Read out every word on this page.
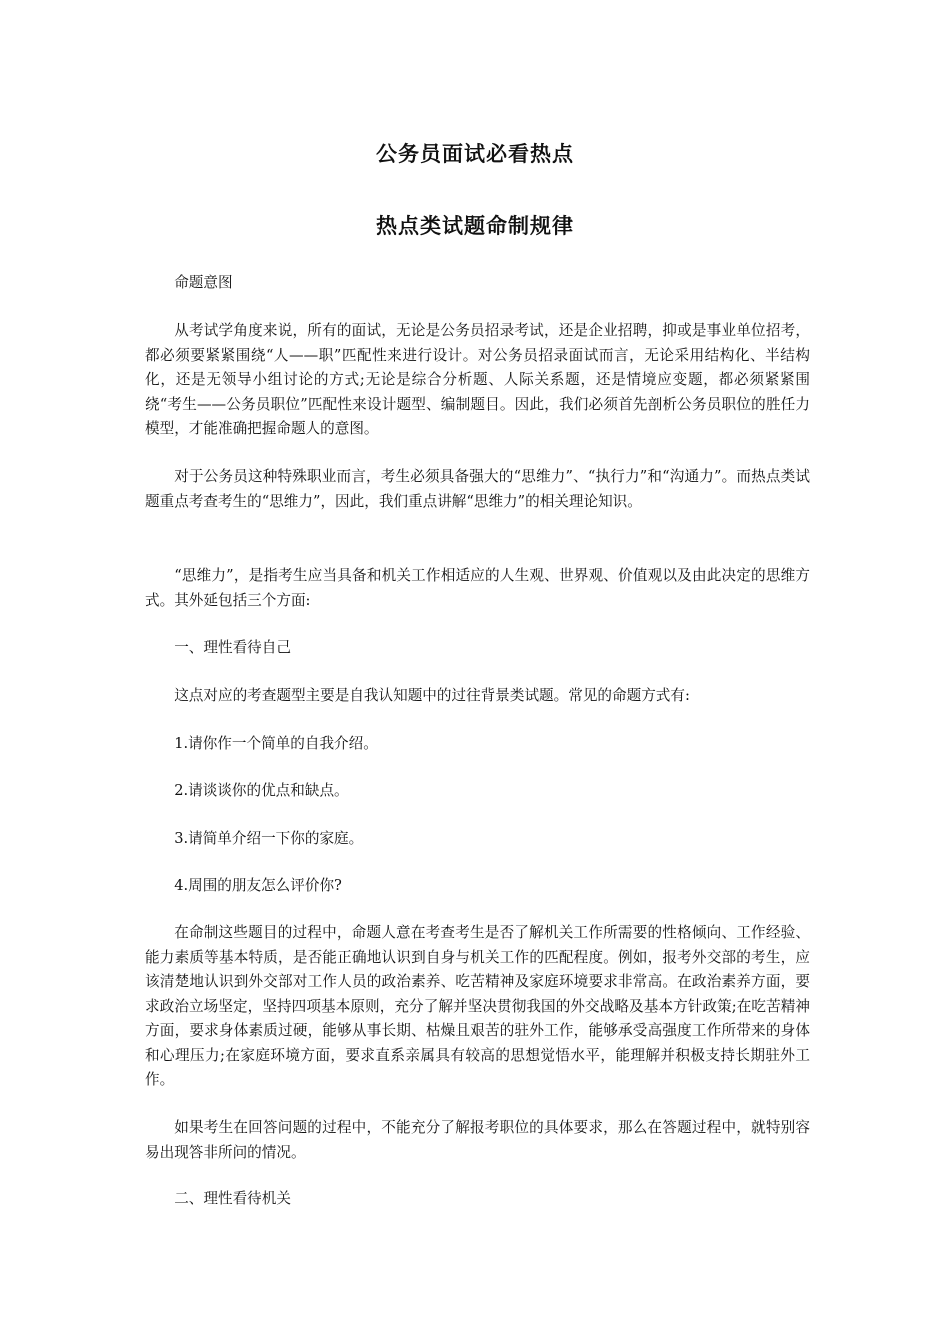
公务员面试必看热点
热点类试题命制规律

命题意图

从考试学角度来说，所有的面试，无论是公务员招录考试，还是企业招聘，抑或是事业单位招考，都必须要紧紧围绕“人——职”匹配性来进行设计。对公务员招录面试而言，无论采用结构化、半结构化，还是无领导小组讨论的方式;无论是综合分析题、人际关系题，还是情境应变题，都必须紧紧围绕“考生——公务员职位”匹配性来设计题型、编制题目。因此，我们必须首先剖析公务员职位的胜任力模型，才能准确把握命题人的意图。

对于公务员这种特殊职业而言，考生必须具备强大的“思维力”、“执行力”和“沟通力”。而热点类试题重点考查考生的“思维力”，因此，我们重点讲解“思维力”的相关理论知识。

“思维力”，是指考生应当具备和机关工作相适应的人生观、世界观、价值观以及由此决定的思维方式。其外延包括三个方面:

一、理性看待自己

这点对应的考查题型主要是自我认知题中的过往背景类试题。常见的命题方式有:

1.请你作一个简单的自我介绍。

2.请谈谈你的优点和缺点。

3.请简单介绍一下你的家庭。

4.周围的朋友怎么评价你?

在命制这些题目的过程中，命题人意在考查考生是否了解机关工作所需要的性格倾向、工作经验、能力素质等基本特质，是否能正确地认识到自身与机关工作的匹配程度。例如，报考外交部的考生，应该清楚地认识到外交部对工作人员的政治素养、吃苦精神及家庭环境要求非常高。在政治素养方面，要求政治立场坚定，坚持四项基本原则，充分了解并坚决贯彻我国的外交战略及基本方针政策;在吃苦精神方面，要求身体素质过硬，能够从事长期、枯燥且艰苦的驻外工作，能够承受高强度工作所带来的身体和心理压力;在家庭环境方面，要求直系亲属具有较高的思想觉悟水平，能理解并积极支持长期驻外工作。

如果考生在回答问题的过程中，不能充分了解报考职位的具体要求，那么在答题过程中，就特别容易出现答非所问的情况。

二、理性看待机关
